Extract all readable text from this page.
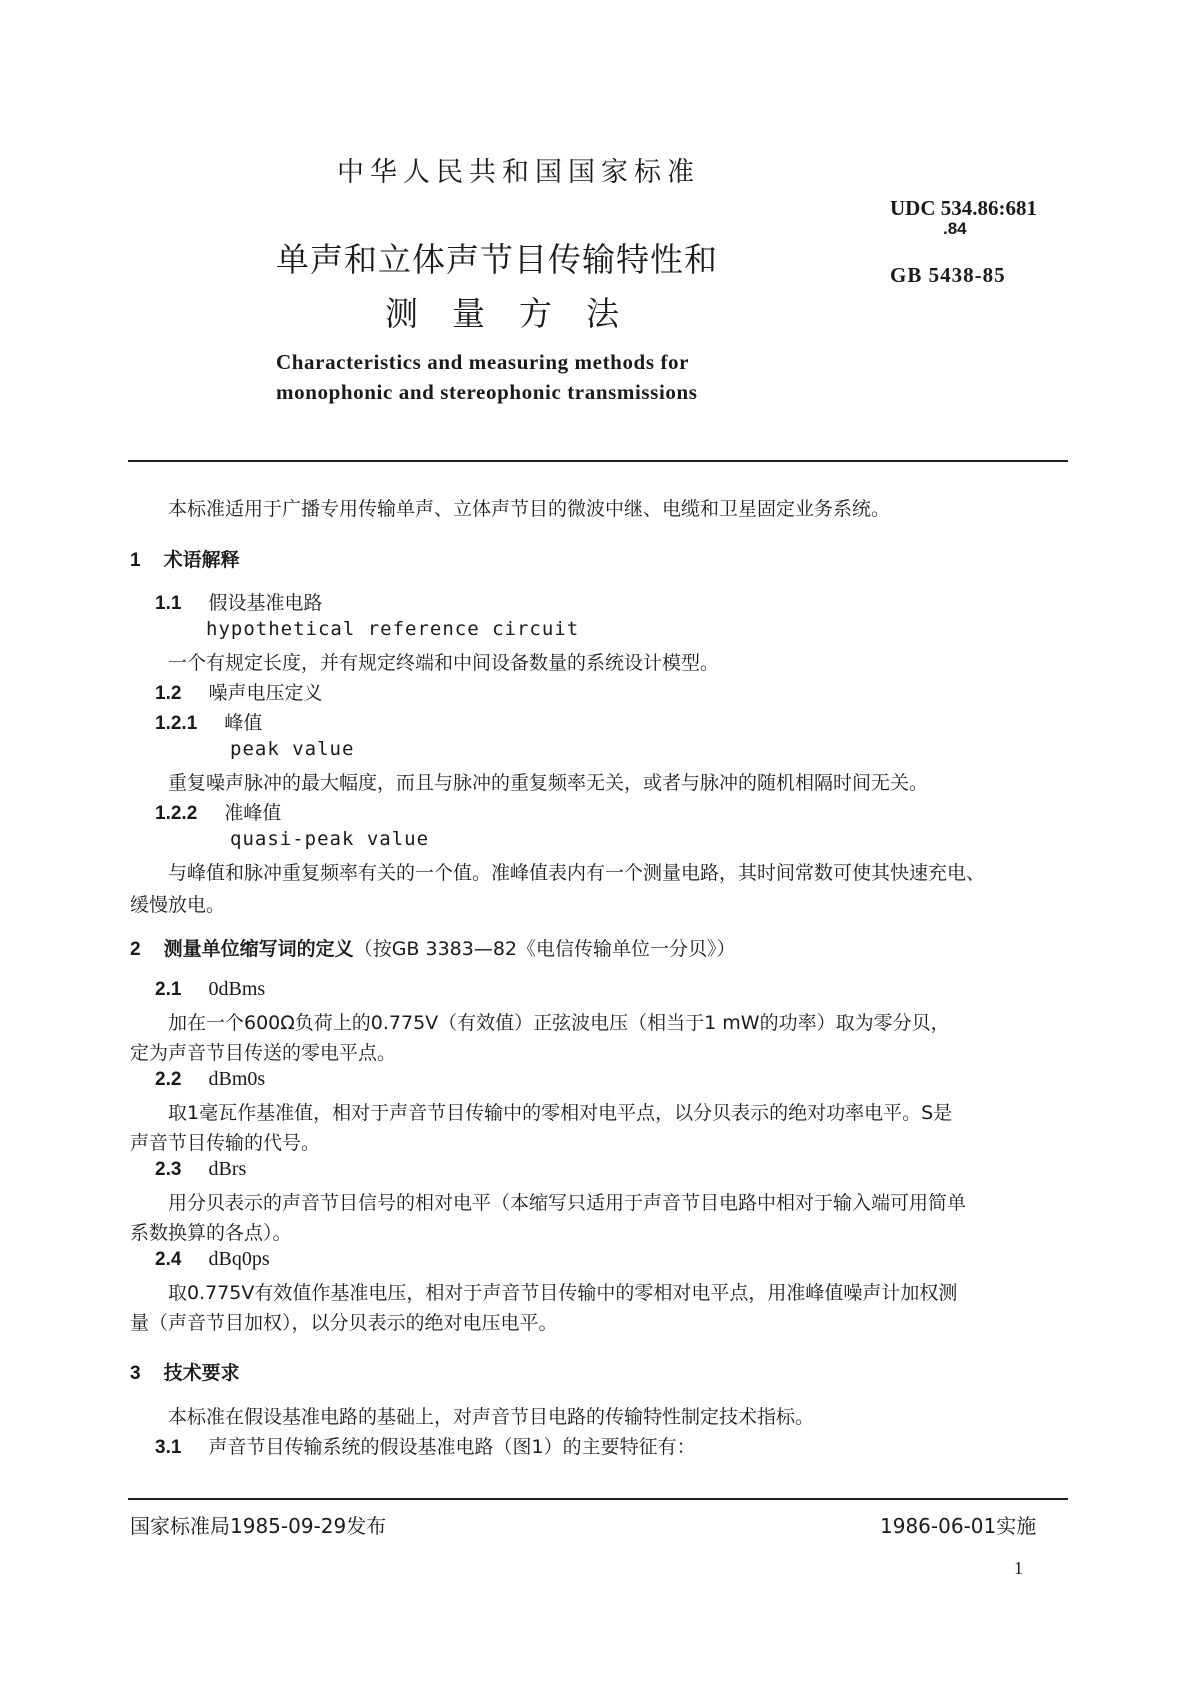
中华人民共和国国家标准
UDC 534.86:681
.84
GB 5438-85
单声和立体声节目传输特性和
测量方法
Characteristics and measuring methods for
monophonic and stereophonic transmissions
本标准适用于广播专用传输单声、立体声节目的微波中继、电缆和卫星固定业务系统。
1 术语解释
1.1 假设基准电路
hypothetical reference circuit
一个有规定长度，并有规定终端和中间设备数量的系统设计模型。
1.2 噪声电压定义
1.2.1 峰值
peak value
重复噪声脉冲的最大幅度，而且与脉冲的重复频率无关，或者与脉冲的随机相隔时间无关。
1.2.2 准峰值
quasi-peak value
与峰值和脉冲重复频率有关的一个值。准峰值表内有一个测量电路，其时间常数可使其快速充电、
缓慢放电。
2 测量单位缩写词的定义（按GB 3383—82《电信传输单位一分贝》）
2.1 0dBms
加在一个600Ω负荷上的0.775V（有效值）正弦波电压（相当于1 mW的功率）取为零分贝，
定为声音节目传送的零电平点。
2.2 dBm0s
取1毫瓦作基准值，相对于声音节目传输中的零相对电平点，以分贝表示的绝对功率电平。S是
声音节目传输的代号。
2.3 dBrs
用分贝表示的声音节目信号的相对电平（本缩写只适用于声音节目电路中相对于输入端可用简单
系数换算的各点）。
2.4 dBq0ps
取0.775V有效值作基准电压，相对于声音节目传输中的零相对电平点，用准峰值噪声计加权测
量（声音节目加权），以分贝表示的绝对电压电平。
3 技术要求
本标准在假设基准电路的基础上，对声音节目电路的传输特性制定技术指标。
3.1 声音节目传输系统的假设基准电路（图1）的主要特征有：
国家标准局1985-09-29发布	1986-06-01实施
1
